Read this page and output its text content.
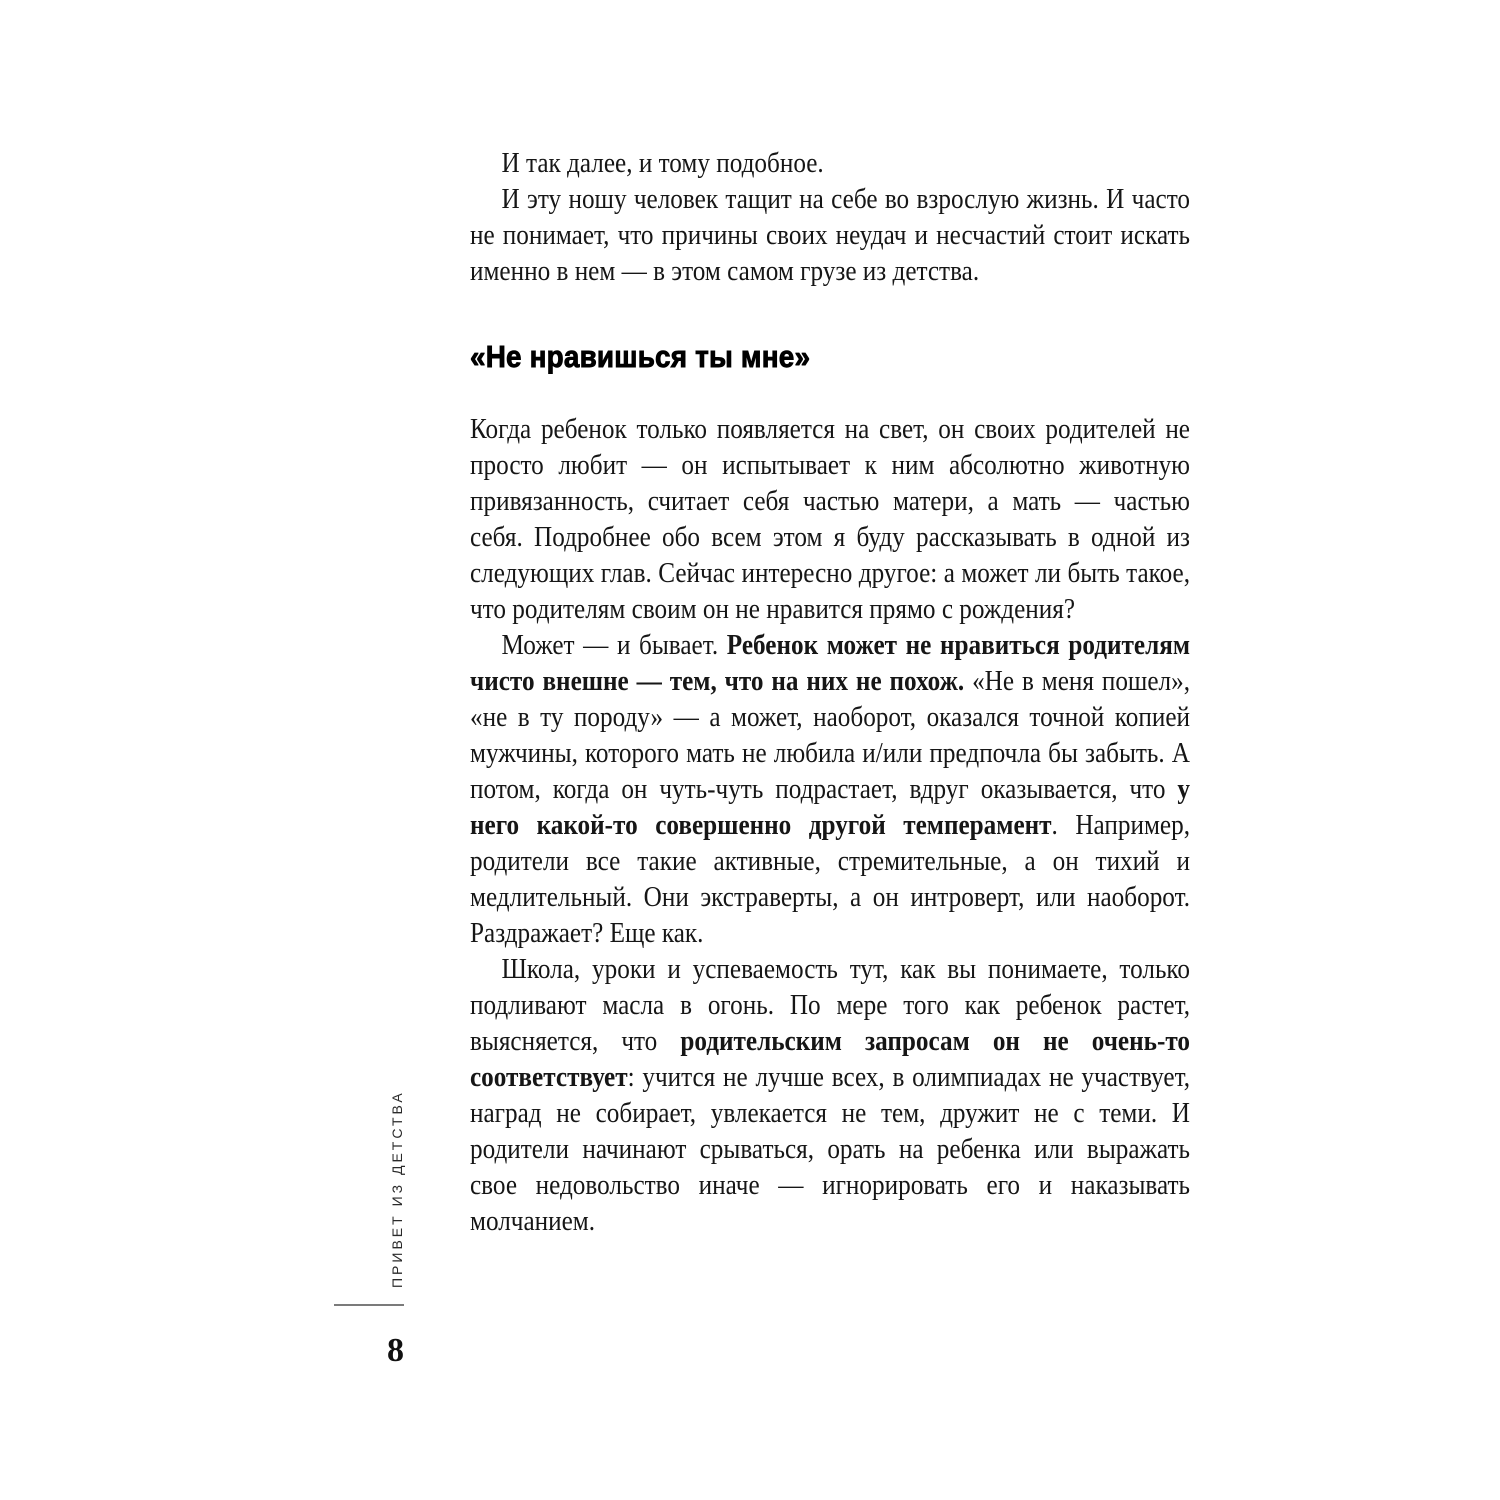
ПРИВЕТ ИЗ ДЕТСТВА
8

И так далее, и тому подобное.

И эту ношу человек тащит на себе во взрослую жизнь. И часто не понимает, что причины своих неудач и несчастий стоит искать именно в нем — в этом самом грузе из детства.

«Не нравишься ты мне»

Когда ребенок только появляется на свет, он своих родителей не просто любит — он испытывает к ним абсолютно животную привязанность, считает себя частью матери, а мать — частью себя. Подробнее обо всем этом я буду рассказывать в одной из следующих глав. Сейчас интересно другое: а может ли быть такое, что родителям своим он не нравится прямо с рождения?

Может — и бывает. Ребенок может не нравиться родителям чисто внешне — тем, что на них не похож. «Не в меня пошел», «не в ту породу» — а может, наоборот, оказался точной копией мужчины, которого мать не любила и/или предпочла бы забыть. А потом, когда он чуть-чуть подрастает, вдруг оказывается, что у него какой-то совершенно другой темперамент. Например, родители все такие активные, стремительные, а он тихий и медлительный. Они экстраверты, а он интроверт, или наоборот. Раздражает? Еще как.

Школа, уроки и успеваемость тут, как вы понимаете, только подливают масла в огонь. По мере того как ребенок растет, выясняется, что родительским запросам он не очень-то соответствует: учится не лучше всех, в олимпиадах не участвует, наград не собирает, увлекается не тем, дружит не с теми. И родители начинают срываться, орать на ребенка или выражать свое недовольство иначе — игнорировать его и наказывать молчанием.
